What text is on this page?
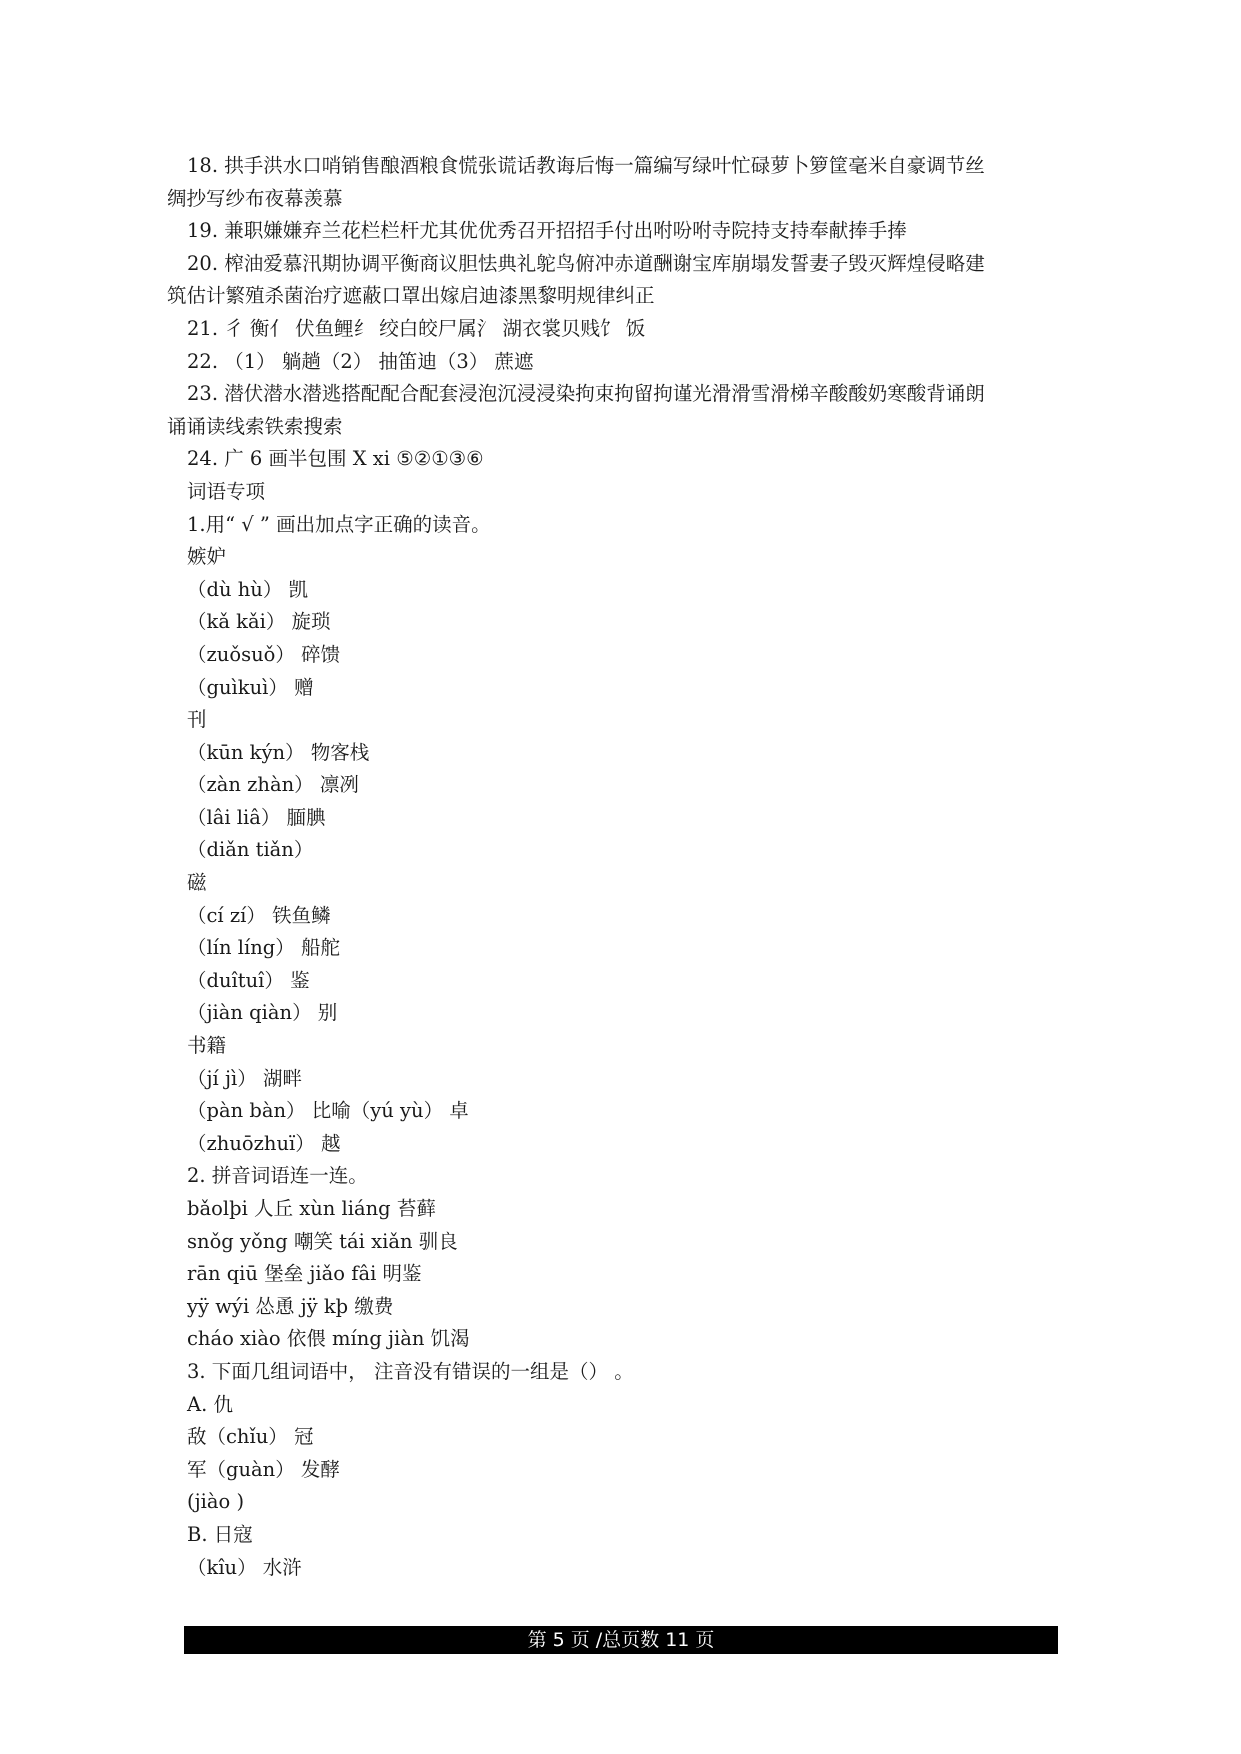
18. 拱手洪水口哨销售酿酒粮食慌张谎话教诲后悔一篇编写绿叶忙碌萝卜箩筐毫米自豪调节丝
绸抄写纱布夜幕羡慕
19. 兼职嫌嫌弃兰花栏栏杆尤其优优秀召开招招手付出咐吩咐寺院持支持奉献捧手捧
20. 榨油爱慕汛期协调平衡商议胆怯典礼鸵鸟俯冲赤道酬谢宝库崩塌发誓妻子毁灭辉煌侵略建
筑估计繁殖杀菌治疗遮蔽口罩出嫁启迪漆黑黎明规律纠正
21. 彳 衡亻 伏鱼鲤纟 绞白皎尸属氵 湖衣裳贝贱饣 饭
22. （1） 躺趟（2） 抽笛迪（3） 蔗遮
23. 潜伏潜水潜逃搭配配合配套浸泡沉浸浸染拘束拘留拘谨光滑滑雪滑梯辛酸酸奶寒酸背诵朗
诵诵读线索铁索搜索
24. 广 6 画半包围 X xi ⑤②①③⑥
词语专项
1.用“ √ ” 画出加点字正确的读音。
嫉妒
（dù hù） 凯
（kǎ kǎi） 旋琐
（zuǒsuǒ） 碎馈
（guìkuì） 赠
刊
（kūn kýn） 物客栈
（zàn zhàn） 凛冽
（lâi liâ） 腼腆
（diǎn tiǎn）
磁
（cí zí） 铁鱼鳞
（lín líng） 船舵
（duîtuî） 鉴
（jiàn qiàn） 别
书籍
（jí jì） 湖畔
（pàn bàn） 比喻（yú yù） 卓
（zhuōzhuï） 越
2. 拼音词语连一连。
bǎolþi 人丘 xùn liáng 苔藓
snǒg yǒng 嘲笑 tái xiǎn 驯良
rān qiū 堡垒 jiǎo fâi 明鉴
yÿ wýi 怂恿 jÿ kþ 缴费
cháo xiào 依偎 míng jiàn 饥渴
3. 下面几组词语中， 注音没有错误的一组是（） 。
A. 仇
敌（chǐu） 冠
军（guàn） 发酵
(jiào )
B. 日寇
（kîu） 水浒
第 5 页 /总页数 11 页
